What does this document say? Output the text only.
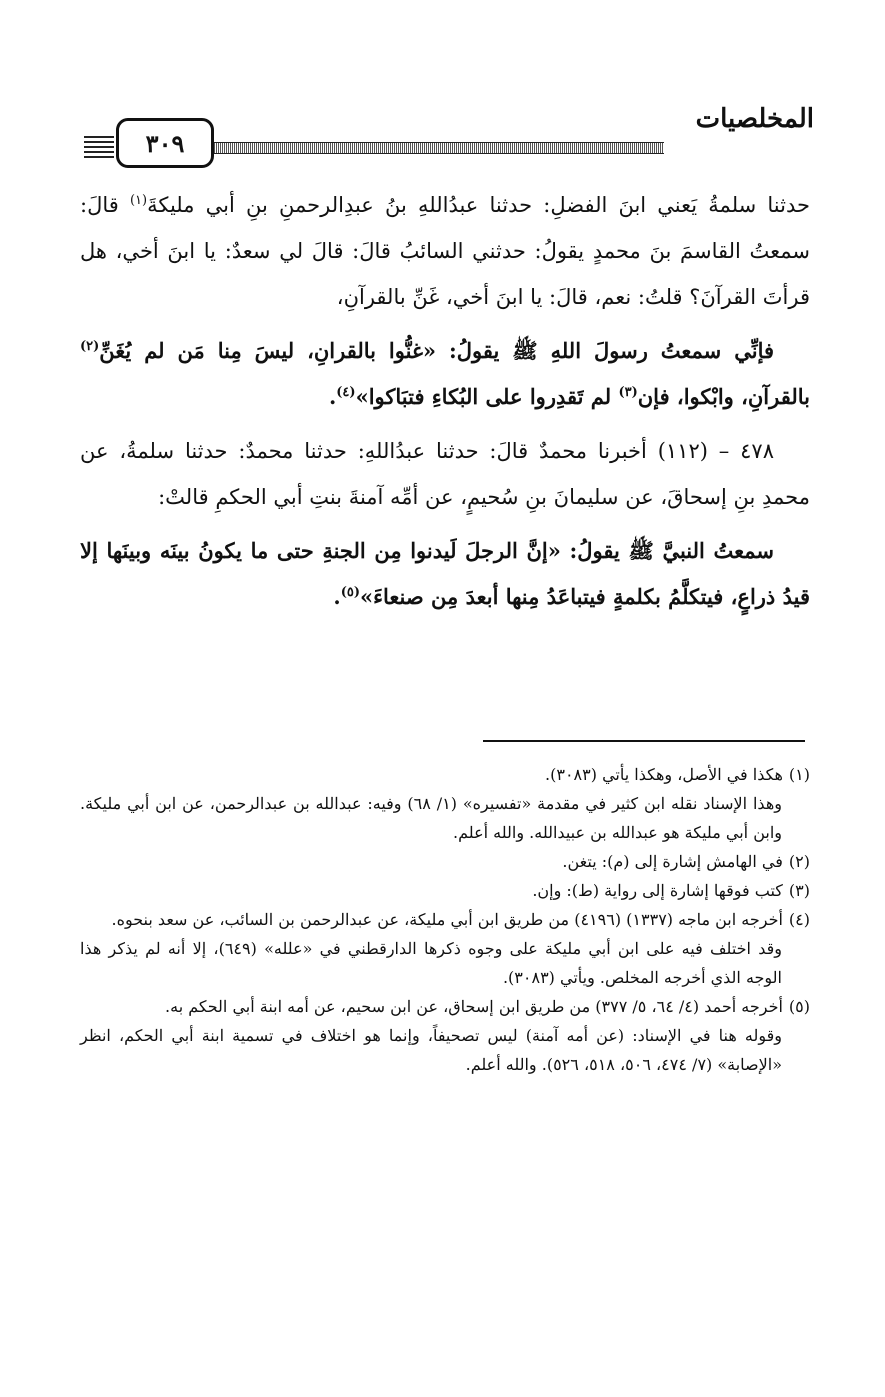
المخلصيات
٣٠٩

حدثنا سلمةُ يَعني ابنَ الفضلِ: حدثنا عبدُاللهِ بنُ عبدِالرحمنِ بنِ أبي مليكةَ$^{(١)}$ قالَ: سمعتُ القاسمَ بنَ محمدٍ يقولُ: حدثني السائبُ قالَ: قالَ لي سعدٌ: يا ابنَ أخي، هل قرأتَ القرآنَ؟ قلتُ: نعم، قالَ: يا ابنَ أخي، غَنِّ بالقرآنِ،

فإنِّي سمعتُ رسولَ اللهِ ﷺ يقولُ: «غنُّوا بالقرانِ، ليسَ مِنا مَن لم يُغَنِّ$^{(٢)}$ بالقرآنِ، وابْكوا، فإن$^{(٣)}$ لم تَقدِروا على البُكاءِ فتبَاكوا»$^{(٤)}$.

٤٧٨ – (١١٢) أخبرنا محمدٌ قالَ: حدثنا عبدُاللهِ: حدثنا محمدٌ: حدثنا سلمةُ، عن محمدِ بنِ إسحاقَ، عن سليمانَ بنِ سُحيمٍ، عن أمِّه آمنةَ بنتِ أبي الحكمِ قالتْ:

سمعتُ النبيَّ ﷺ يقولُ: «إنَّ الرجلَ لَيدنوا مِن الجنةِ حتى ما يكونُ بينَه وبينَها إلا قيدُ ذراعٍ، فيتكلَّمُ بكلمةٍ فيتباعَدُ مِنها أبعدَ مِن صنعاءَ»$^{(٥)}$.

(١)هكذا في الأصل، وهكذا يأتي (٣٠٨٣).

وهذا الإسناد نقله ابن كثير في مقدمة «تفسيره» (١/ ٦٨) وفيه: عبدالله بن عبدالرحمن، عن ابن أبي مليكة. وابن أبي مليكة هو عبدالله بن عبيدالله. والله أعلم.

(٢)في الهامش إشارة إلى (م): يتغن.

(٣)كتب فوقها إشارة إلى رواية (ط): وإن.

(٤)أخرجه ابن ماجه (١٣٣٧) (٤١٩٦) من طريق ابن أبي مليكة، عن عبدالرحمن بن السائب، عن سعد بنحوه.

وقد اختلف فيه على ابن أبي مليكة على وجوه ذكرها الدارقطني في «علله» (٦٤٩)، إلا أنه لم يذكر هذا الوجه الذي أخرجه المخلص. ويأتي (٣٠٨٣).

(٥)أخرجه أحمد (٤/ ٦٤، ٥/ ٣٧٧) من طريق ابن إسحاق، عن ابن سحيم، عن أمه ابنة أبي الحكم به.

وقوله هنا في الإسناد: (عن أمه آمنة) ليس تصحيفاً، وإنما هو اختلاف في تسمية ابنة أبي الحكم، انظر «الإصابة» (٧/ ٤٧٤، ٥٠٦، ٥١٨، ٥٢٦). والله أعلم.
